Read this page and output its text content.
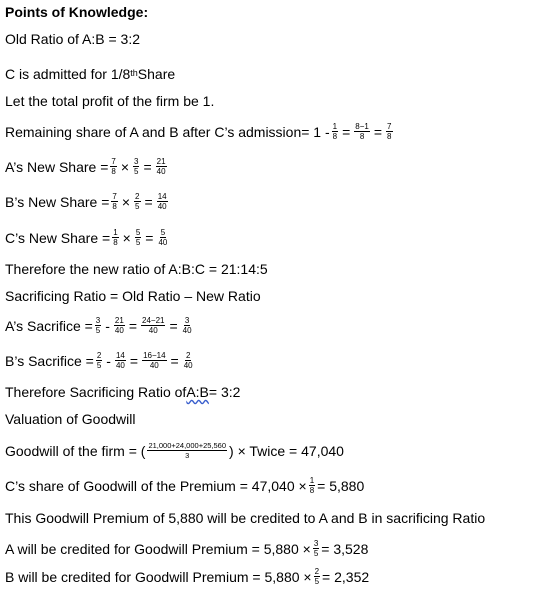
Points of Knowledge:
Old Ratio of A:B = 3:2
C is admitted for 1/8th Share
Let the total profit of the firm be 1.
Remaining share of A and B after C’s admission= $1 - \frac{1}{8} = \frac{8-1}{8} = \frac{7}{8}$
A’s New Share = $\frac{7}{8} \times \frac{3}{5} = \frac{21}{40}$
B’s New Share = $\frac{7}{8} \times \frac{2}{5} = \frac{14}{40}$
C’s New Share = $\frac{1}{8} \times \frac{5}{5} = \frac{5}{40}$
Therefore the new ratio of A:B:C = 21:14:5
Sacrificing Ratio = Old Ratio – New Ratio
A’s Sacrifice = $\frac{3}{5} - \frac{21}{40} = \frac{24-21}{40} = \frac{3}{40}$
B’s Sacrifice = $\frac{2}{5} - \frac{14}{40} = \frac{16-14}{40} = \frac{2}{40}$
Therefore Sacrificing Ratio of A:B = 3:2
Valuation of Goodwill
Goodwill of the firm = ( $\frac{21,000+24,000+25,560}{3}$ ) × Twice = 47,040
C’s share of Goodwill of the Premium = $47,040 \times \frac{1}{8} = 5,880$
This Goodwill Premium of 5,880 will be credited to A and B in sacrificing Ratio
A will be credited for Goodwill Premium = $5,880 \times \frac{3}{5} = 3,528$
B will be credited for Goodwill Premium = $5,880 \times \frac{2}{5} = 2,352$
